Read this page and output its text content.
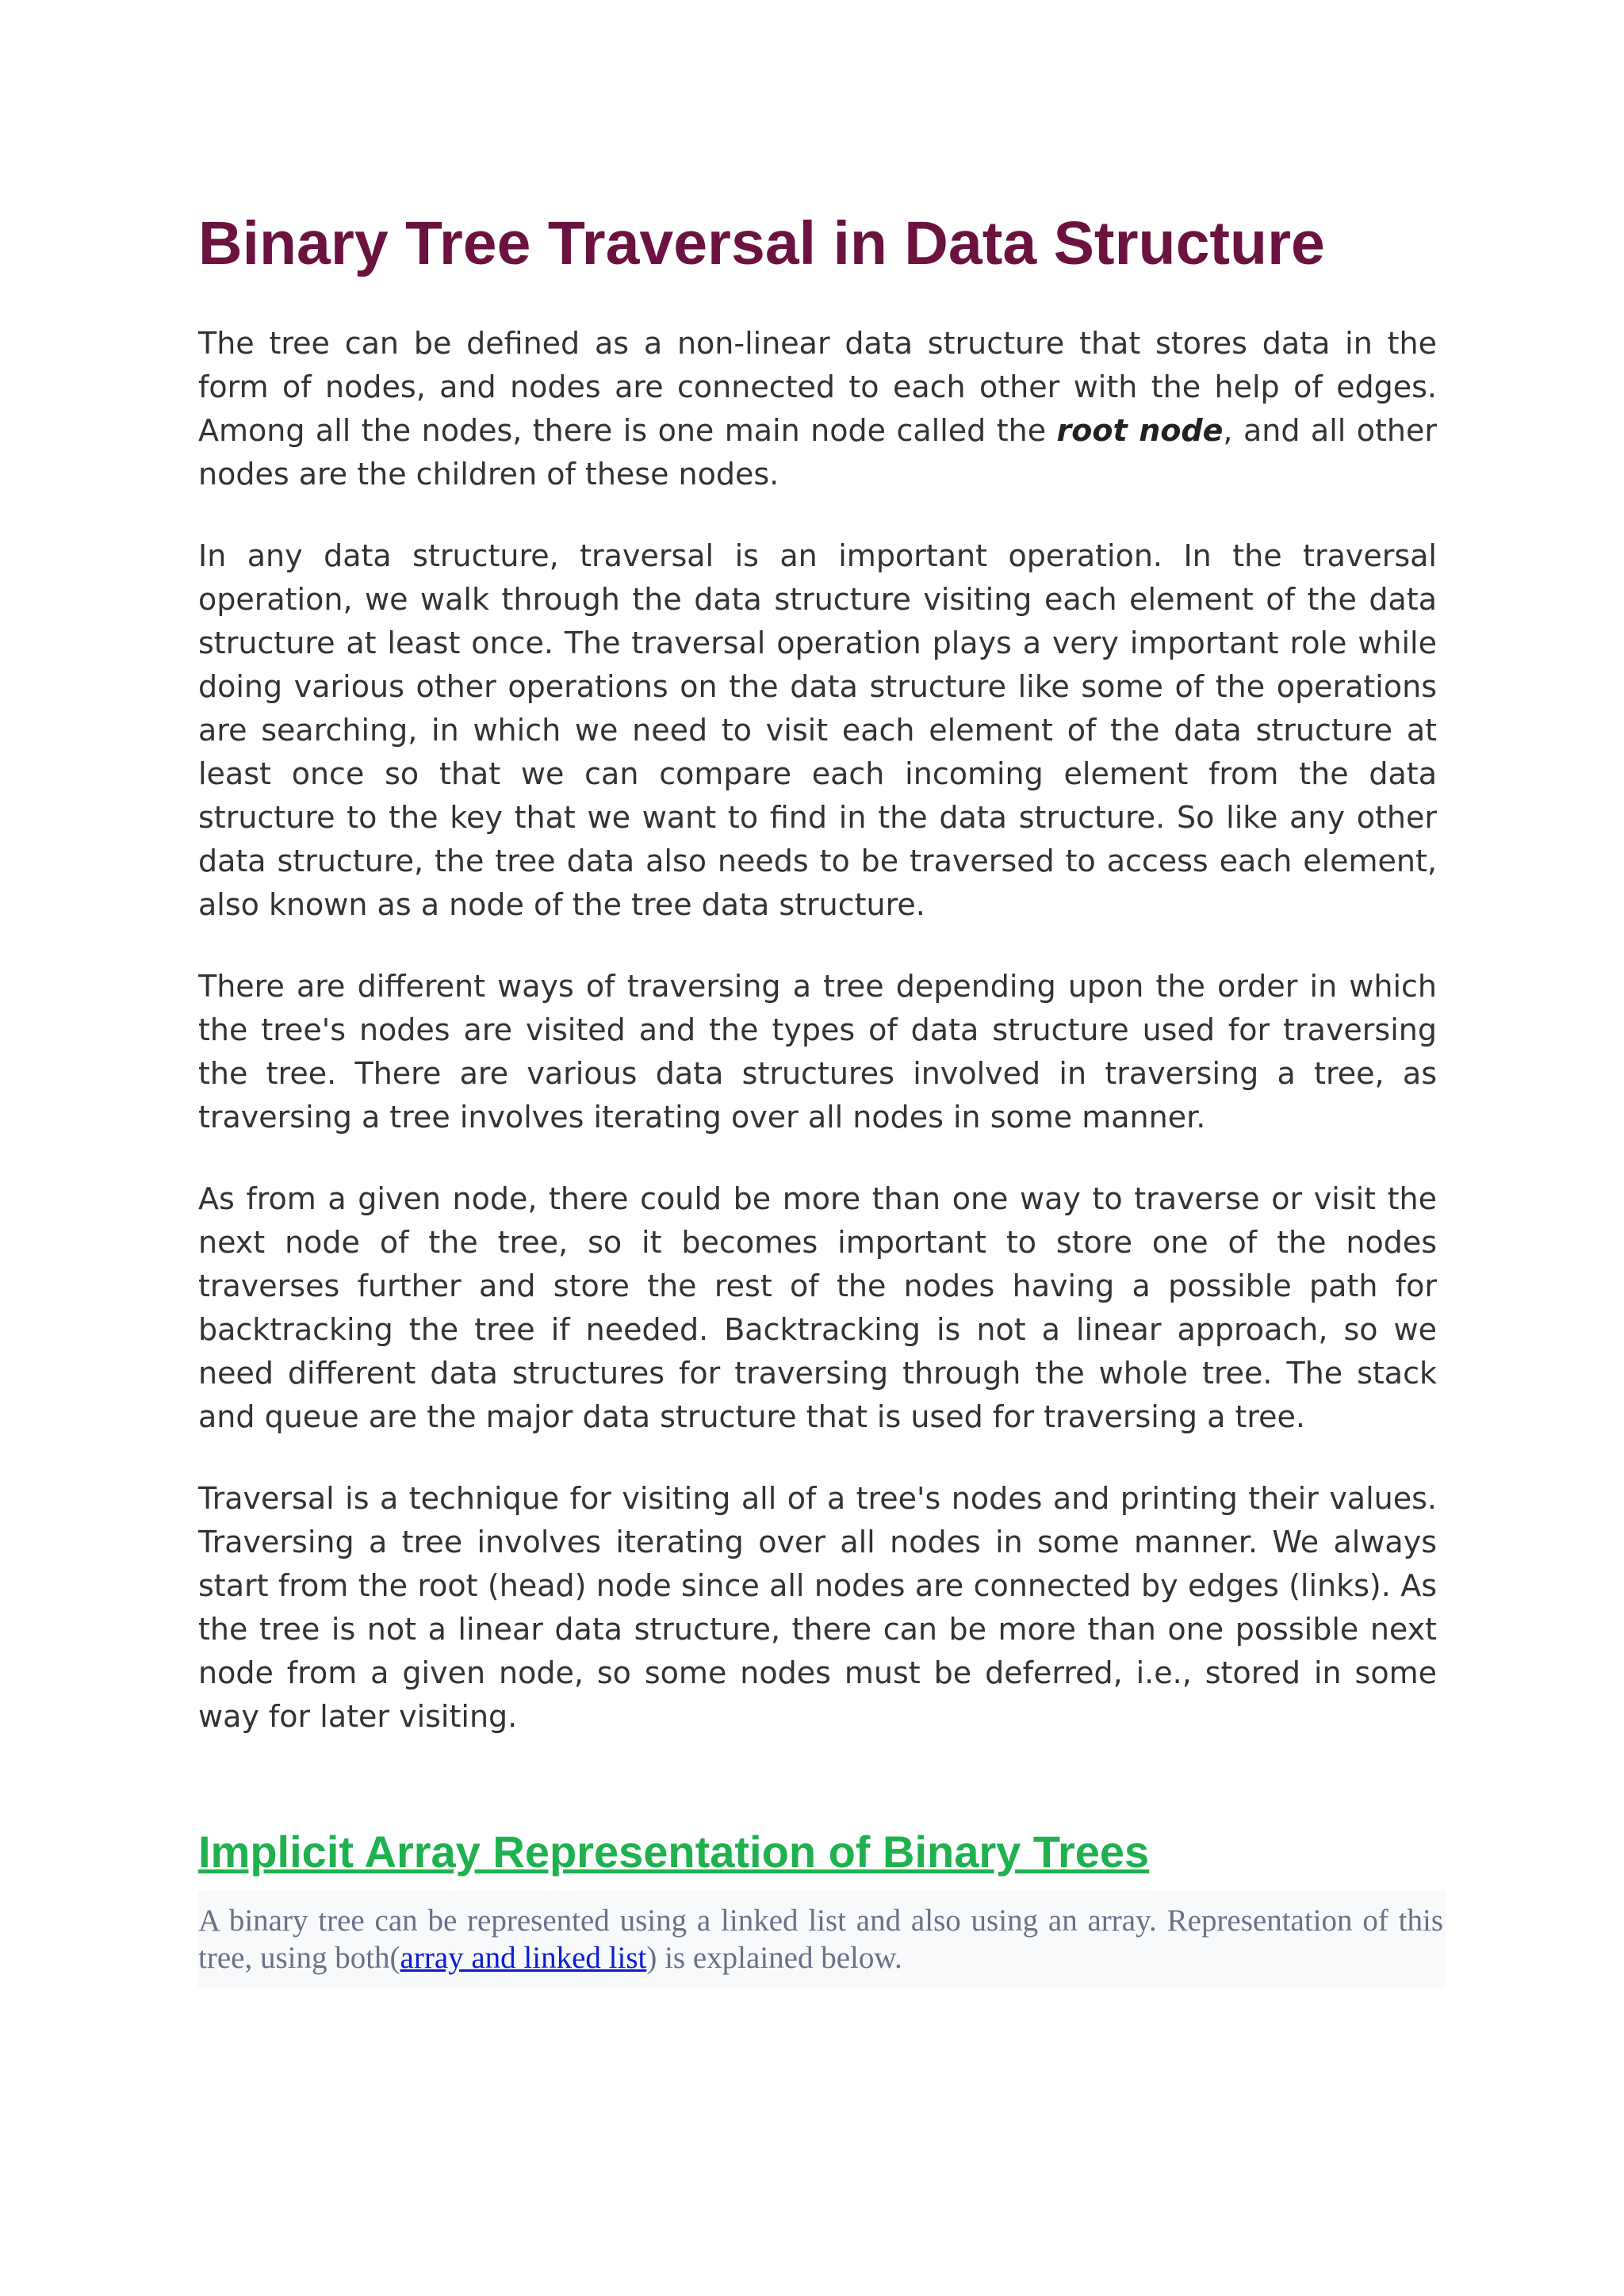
Binary Tree Traversal in Data Structure

The tree can be defined as a non-linear data structure that stores data in the form of nodes, and nodes are connected to each other with the help of edges. Among all the nodes, there is one main node called the root node, and all other nodes are the children of these nodes.

In any data structure, traversal is an important operation. In the traversal operation, we walk through the data structure visiting each element of the data structure at least once. The traversal operation plays a very important role while doing various other operations on the data structure like some of the operations are searching, in which we need to visit each element of the data structure at least once so that we can compare each incoming element from the data structure to the key that we want to find in the data structure. So like any other data structure, the tree data also needs to be traversed to access each element, also known as a node of the tree data structure.

There are different ways of traversing a tree depending upon the order in which the tree's nodes are visited and the types of data structure used for traversing the tree. There are various data structures involved in traversing a tree, as traversing a tree involves iterating over all nodes in some manner.

As from a given node, there could be more than one way to traverse or visit the next node of the tree, so it becomes important to store one of the nodes traverses further and store the rest of the nodes having a possible path for backtracking the tree if needed. Backtracking is not a linear approach, so we need different data structures for traversing through the whole tree. The stack and queue are the major data structure that is used for traversing a tree.

Traversal is a technique for visiting all of a tree's nodes and printing their values. Traversing a tree involves iterating over all nodes in some manner. We always start from the root (head) node since all nodes are connected by edges (links). As the tree is not a linear data structure, there can be more than one possible next node from a given node, so some nodes must be deferred, i.e., stored in some way for later visiting.

Implicit Array Representation of Binary Trees
A binary tree can be represented using a linked list and also using an array. Representation of this tree, using both(array and linked list) is explained below.
